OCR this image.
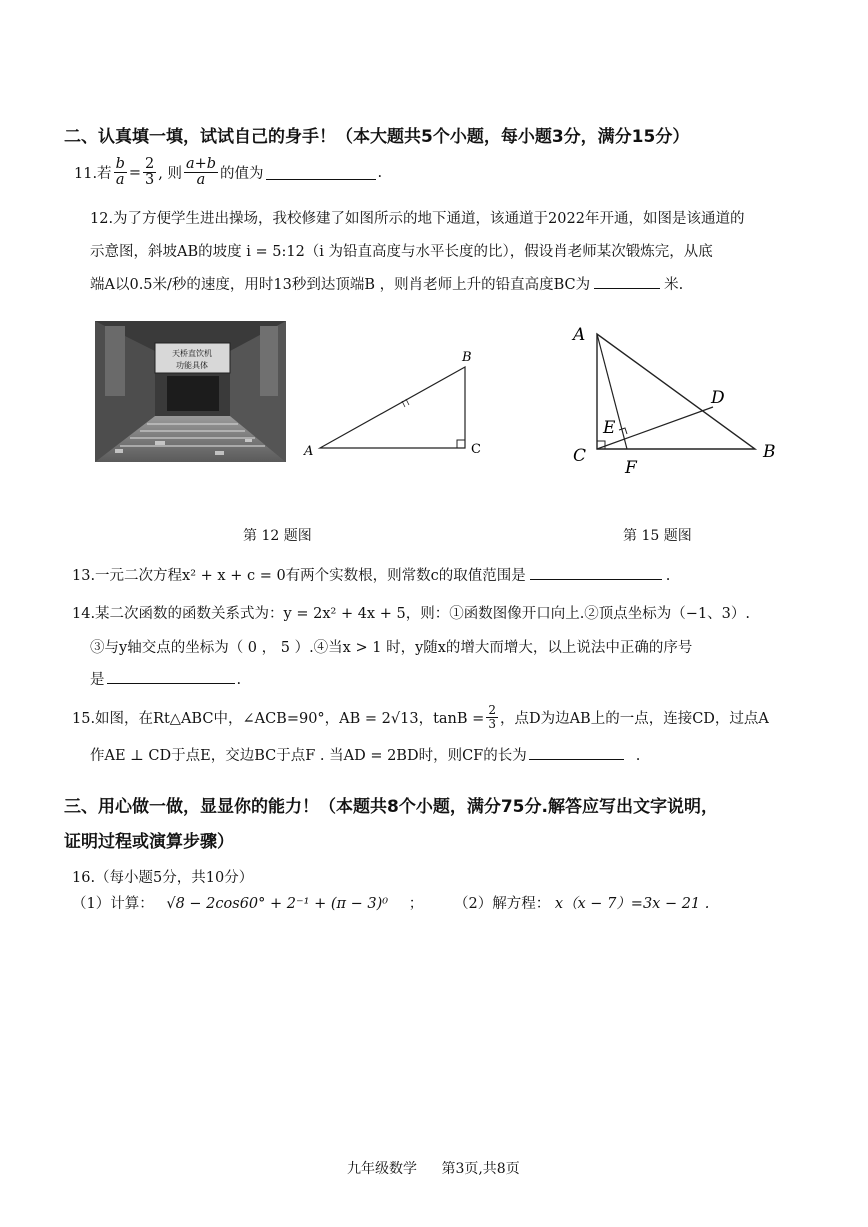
二、认真填一填，试试自己的身手！（本大题共5个小题，每小题3分，满分15分）
11.若 $\frac{b}{a} = \frac{2}{3}$ , 则 $\frac{a+b}{a}$ 的值为	.
12.为了方便学生进出操场，我校修建了如图所示的地下通道，该通道于2022年开通，如图是该通道的
示意图，斜坡AB的坡度 i = 5:12（i 为铅直高度与水平长度的比），假设肖老师某次锻炼完，从底
端A以0.5米/秒的速度，用时13秒到达顶端B ，则肖老师上升的铅直高度BC为	米.
天桥直饮机
功能具体
A
B
C
A
B
C
D
E
F
第 12 题图	第 15 题图
13.一元二次方程x² + x + c = 0有两个实数根，则常数c的取值范围是	.
14.某二次函数的函数关系式为：y = 2x² + 4x + 5，则：①函数图像开口向上.②顶点坐标为（−1、3）.
③与y轴交点的坐标为（ 0 ， 5 ）.④当x > 1 时，y随x的增大而增大，以上说法中正确的序号
是	.
15.如图，在Rt△ABC中，∠ACB=90°，AB = 2√13，$\tan B = \frac{2}{3}$ ，点D为边AB上的一点，连接CD，过点A
作AE ⊥ CD于点E，交边BC于点F . 当AD = 2BD时，则CF的长为	.
三、用心做一做，显显你的能力！（本题共8个小题，满分75分.解答应写出文字说明，
证明过程或演算步骤）
16.（每小题5分，共10分）
（1）计算： √8 − 2cos60° + 2⁻¹ + (π − 3)⁰ ； （2）解方程： x（x − 7）=3x − 21 .
九年级数学 第3页,共8页
